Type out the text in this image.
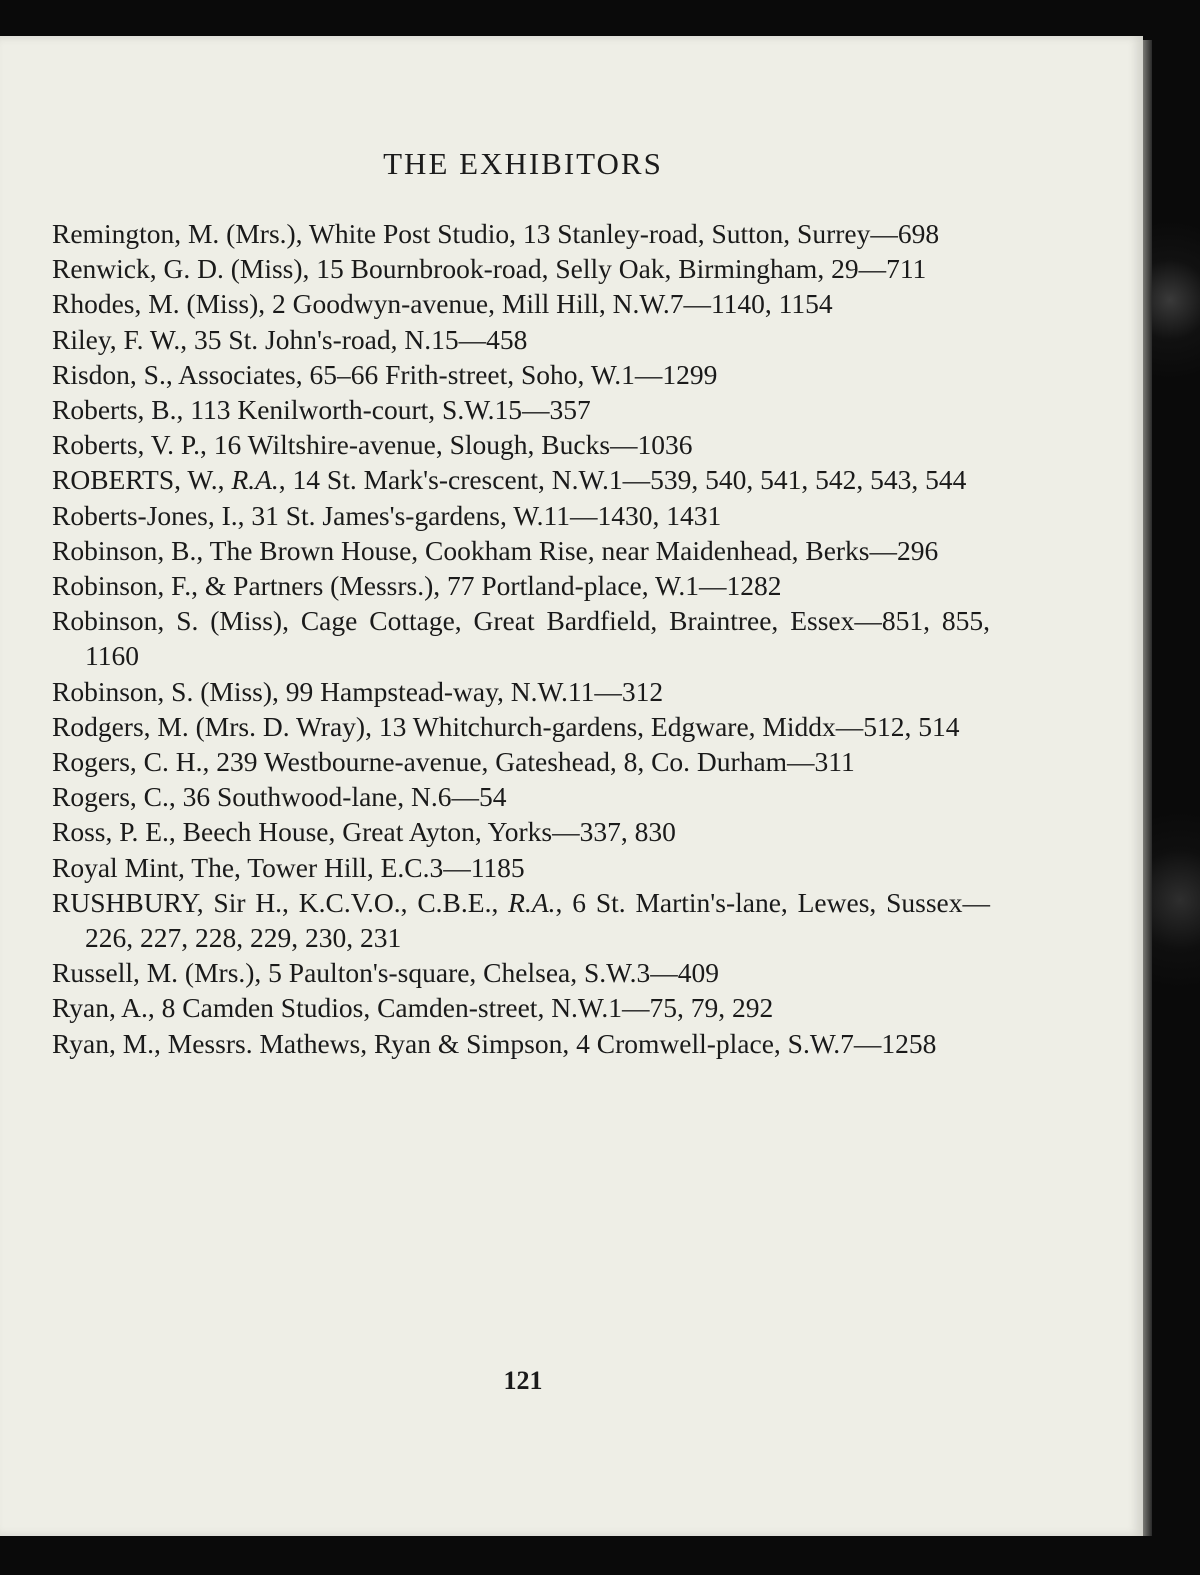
THE EXHIBITORS
Remington, M. (Mrs.), White Post Studio, 13 Stanley-road, Sutton, Surrey—698
Renwick, G. D. (Miss), 15 Bournbrook-road, Selly Oak, Birmingham, 29—711
Rhodes, M. (Miss), 2 Goodwyn-avenue, Mill Hill, N.W.7—1140, 1154
Riley, F. W., 35 St. John's-road, N.15—458
Risdon, S., Associates, 65–66 Frith-street, Soho, W.1—1299
Roberts, B., 113 Kenilworth-court, S.W.15—357
Roberts, V. P., 16 Wiltshire-avenue, Slough, Bucks—1036
ROBERTS, W., R.A., 14 St. Mark's-crescent, N.W.1—539, 540, 541, 542, 543, 544
Roberts-Jones, I., 31 St. James's-gardens, W.11—1430, 1431
Robinson, B., The Brown House, Cookham Rise, near Maidenhead, Berks—296
Robinson, F., & Partners (Messrs.), 77 Portland-place, W.1—1282
Robinson, S. (Miss), Cage Cottage, Great Bardfield, Braintree, Essex—851, 855, 1160
Robinson, S. (Miss), 99 Hampstead-way, N.W.11—312
Rodgers, M. (Mrs. D. Wray), 13 Whitchurch-gardens, Edgware, Middx—512, 514
Rogers, C. H., 239 Westbourne-avenue, Gateshead, 8, Co. Durham—311
Rogers, C., 36 Southwood-lane, N.6—54
Ross, P. E., Beech House, Great Ayton, Yorks—337, 830
Royal Mint, The, Tower Hill, E.C.3—1185
RUSHBURY, Sir H., K.C.V.O., C.B.E., R.A., 6 St. Martin's-lane, Lewes, Sussex—226, 227, 228, 229, 230, 231
Russell, M. (Mrs.), 5 Paulton's-square, Chelsea, S.W.3—409
Ryan, A., 8 Camden Studios, Camden-street, N.W.1—75, 79, 292
Ryan, M., Messrs. Mathews, Ryan & Simpson, 4 Cromwell-place, S.W.7—1258
121
